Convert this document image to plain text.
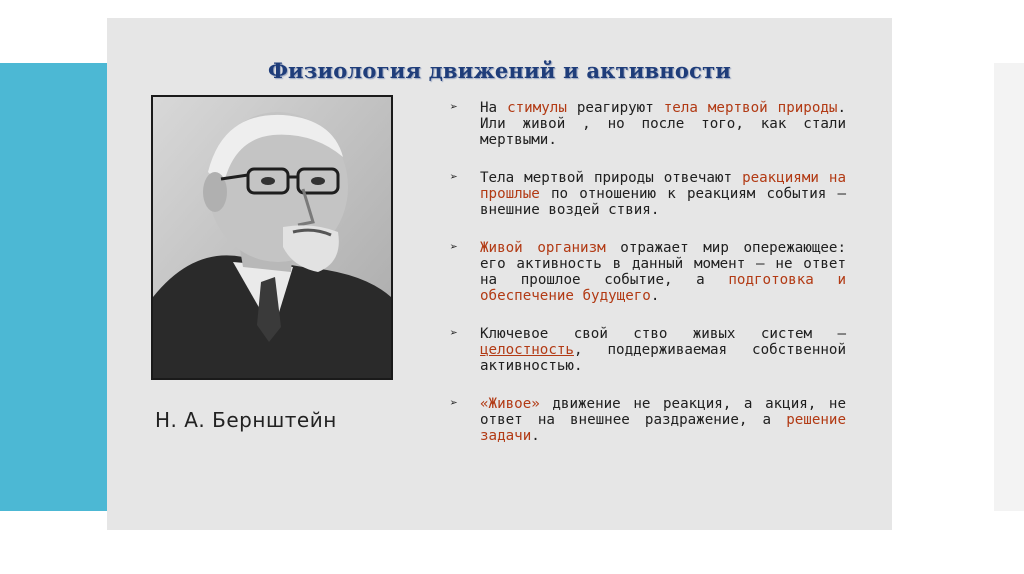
Физиология движений и активности
Н. А. Бернштейн
➢ На стимулы реагируют тела мертвой природы. Или живой , но после того, как стали мертвыми.
➢ Тела мертвой природы отвечают реакциями на прошлые по отношению к реакциям события – внешние воздей ствия.
➢ Живой организм отражает мир опережающее: его активность в данный момент – не ответ на прошлое событие, а подготовка и обеспечение будущего.
➢ Ключевое свой ство живых систем – целостность, поддерживаемая собственной активностью.
➢ «Живое» движение не реакция, а акция, не ответ на внешнее раздражение, а решение задачи.
